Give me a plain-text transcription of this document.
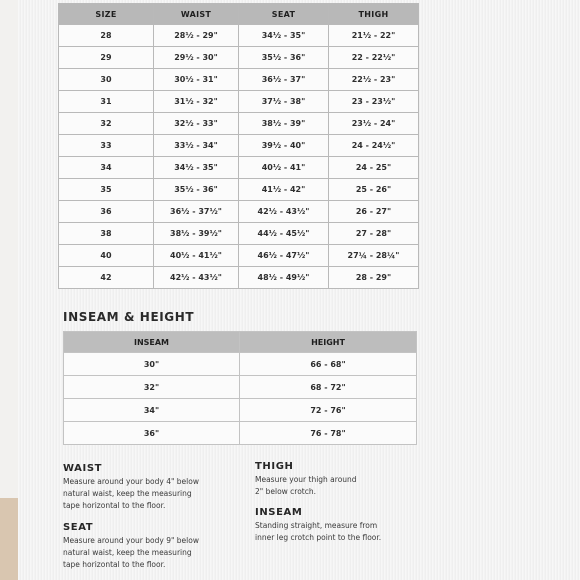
SIZE	WAIST	SEAT	THIGH
28	28½ - 29"	34½ - 35"	21½ - 22"
29	29½ - 30"	35½ - 36"	22 - 22½"
30	30½ - 31"	36½ - 37"	22½ - 23"
31	31½ - 32"	37½ - 38"	23 - 23½"
32	32½ - 33"	38½ - 39"	23½ - 24"
33	33½ - 34"	39½ - 40"	24 - 24½"
34	34½ - 35"	40½ - 41"	24 - 25"
35	35½ - 36"	41½ - 42"	25 - 26"
36	36½ - 37½"	42½ - 43½"	26 - 27"
38	38½ - 39½"	44½ - 45½"	27 - 28"
40	40½ - 41½"	46½ - 47½"	27¼ - 28¼"
42	42½ - 43½"	48½ - 49½"	28 - 29"
INSEAM & HEIGHT
INSEAM	HEIGHT
30"	66 - 68"
32"	68 - 72"
34"	72 - 76"
36"	76 - 78"
WAIST

Measure around your body 4" below

natural waist, keep the measuring

tape horizontal to the floor.

SEAT

Measure around your body 9" below

natural waist, keep the measuring

tape horizontal to the floor.

THIGH

Measure your thigh around

2" below crotch.

INSEAM

Standing straight, measure from

inner leg crotch point to the floor.
